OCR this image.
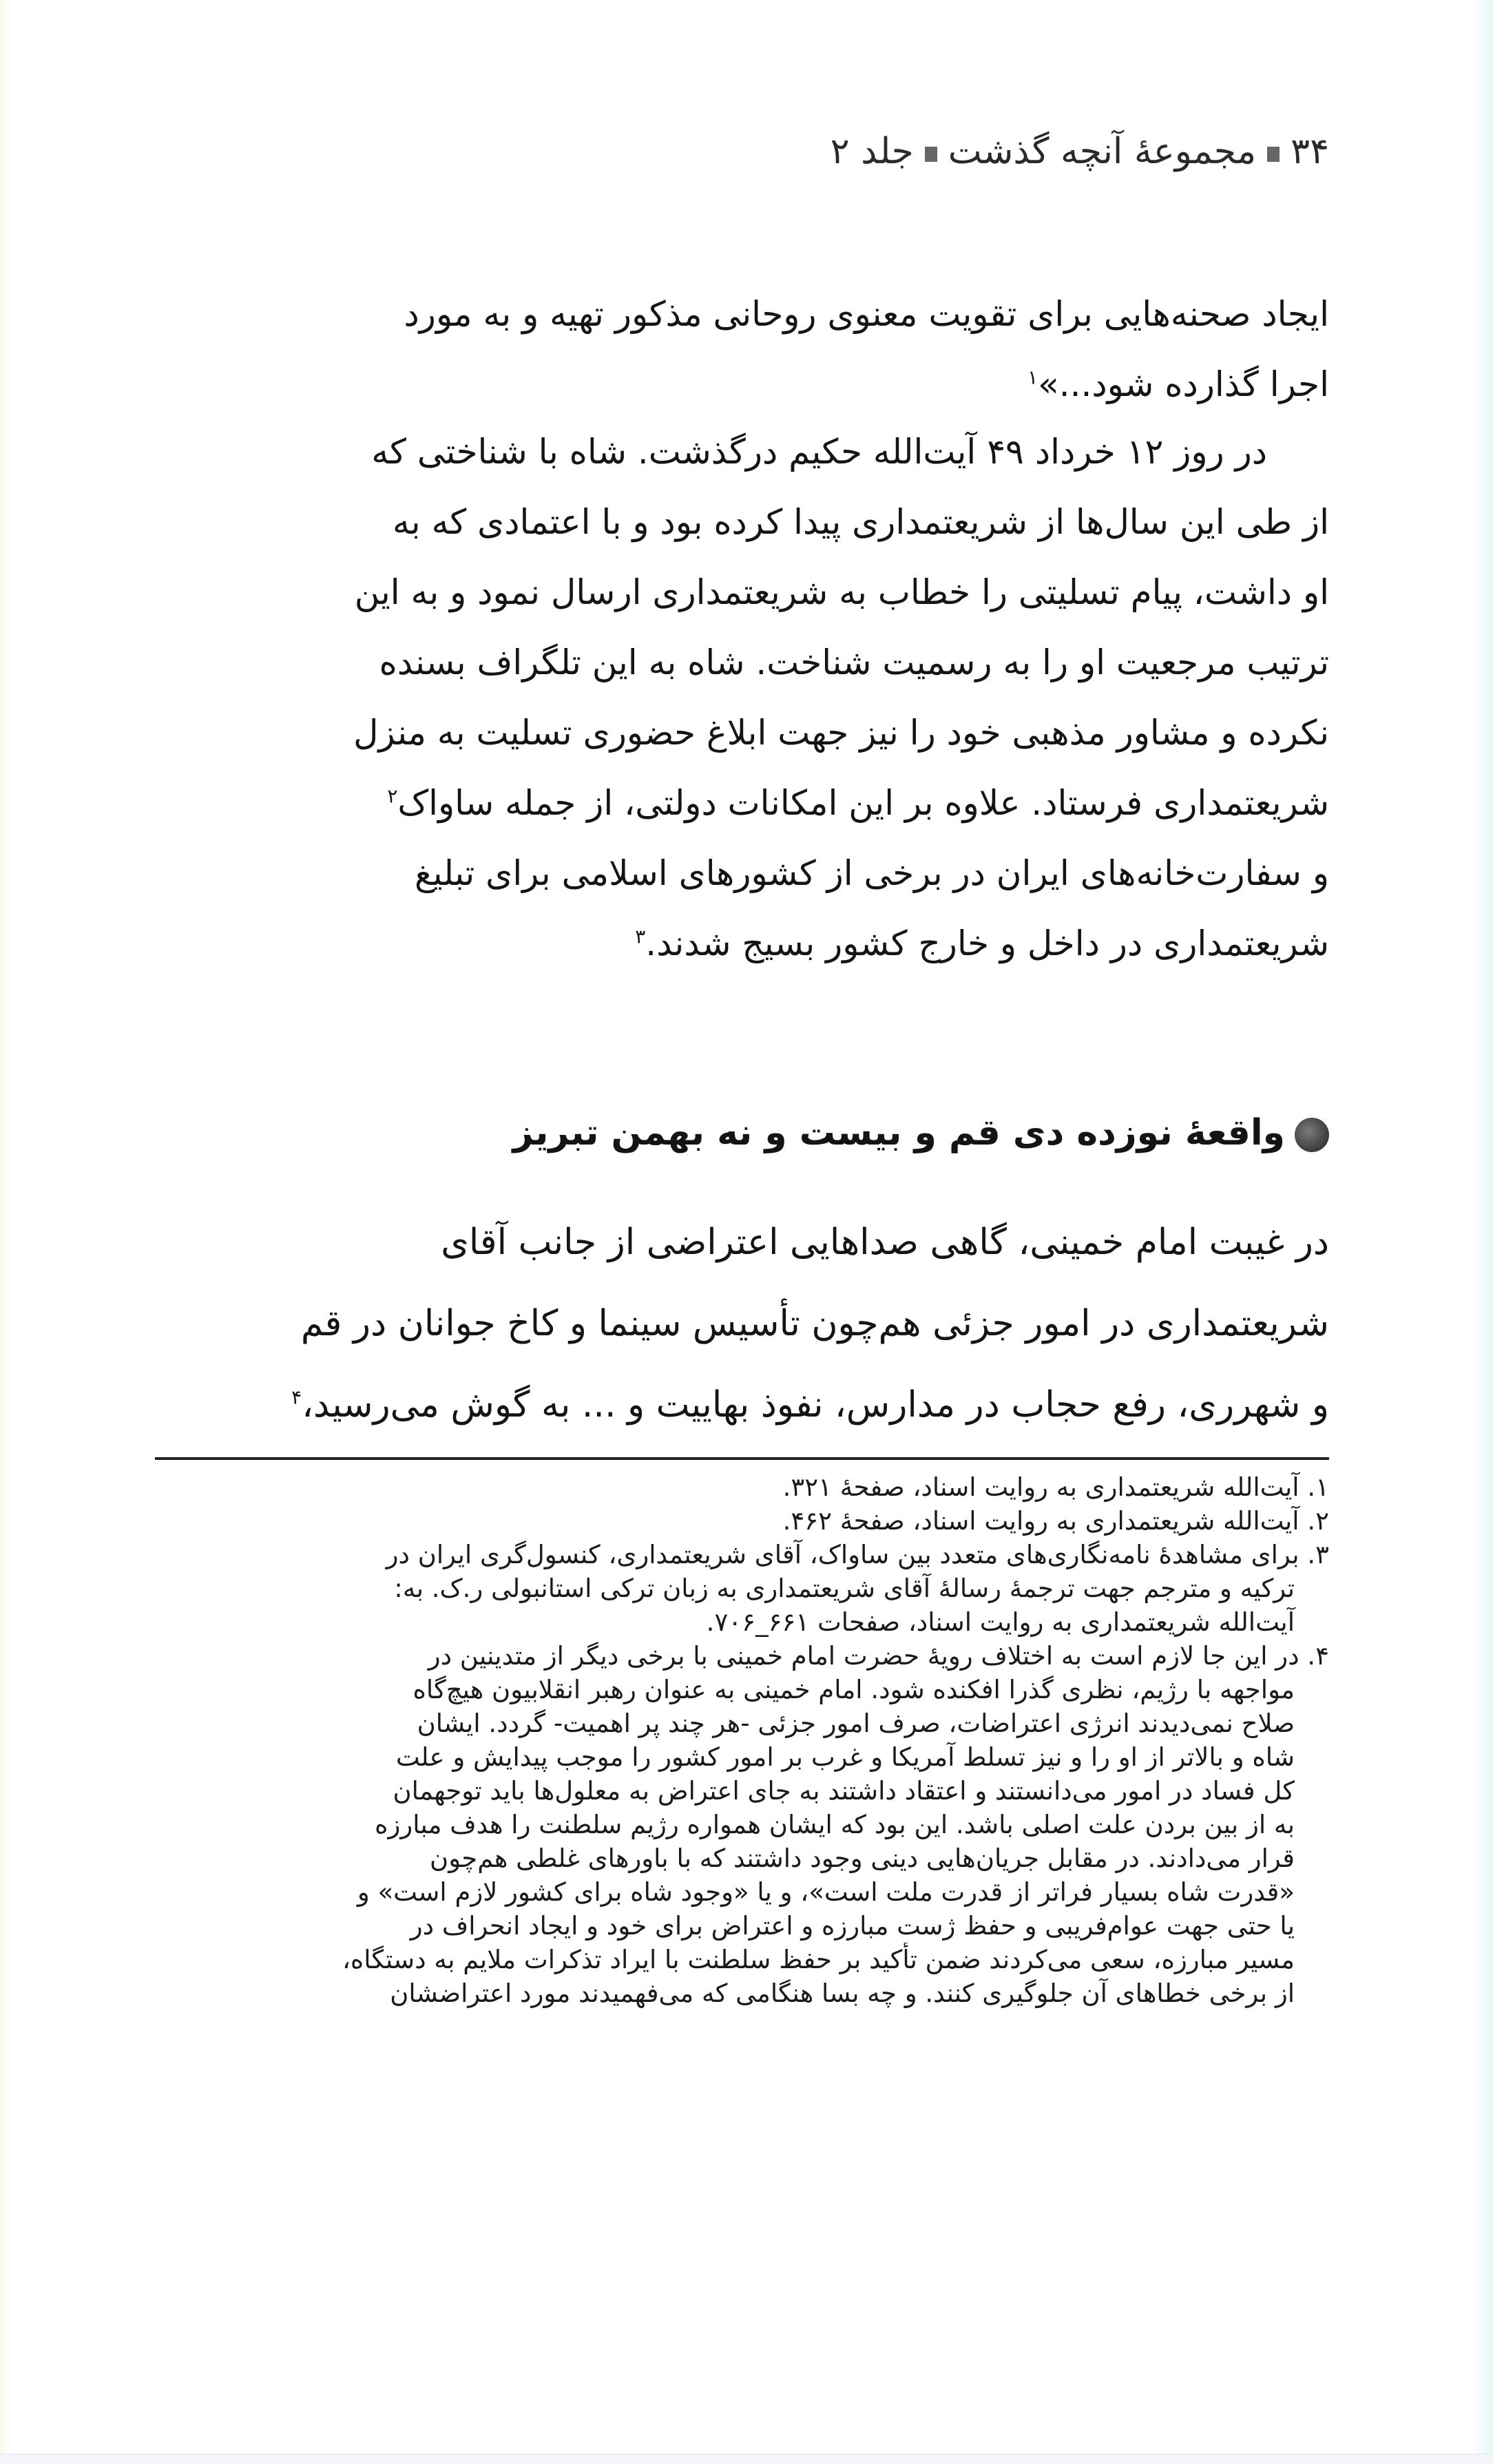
۳۴مجموعهٔ آنچه گذشتجلد ۲
ایجاد صحنه‌هایی برای تقویت معنوی روحانی مذکور تهیه و به مورد
اجرا گذارده شود...»$^۱$
در روز ۱۲ خرداد ۴۹ آیت‌الله حکیم درگذشت. شاه با شناختی که
از طی این سال‌ها از شریعتمداری پیدا کرده بود و با اعتمادی که به
او داشت، پیام تسلیتی را خطاب به شریعتمداری ارسال نمود و به این
ترتیب مرجعیت او را به رسمیت شناخت. شاه به این تلگراف بسنده
نکرده و مشاور مذهبی خود را نیز جهت ابلاغ حضوری تسلیت به منزل
شریعتمداری فرستاد. علاوه بر این امکانات دولتی، از جمله ساواک$^۲$
و سفارت‌خانه‌های ایران در برخی از کشورهای اسلامی برای تبلیغ
شریعتمداری در داخل و خارج کشور بسیج شدند.$^۳$
واقعهٔ نوزده دی قم و بیست و نه بهمن تبریز
در غیبت امام خمینی، گاهی صداهایی اعتراضی از جانب آقای
شریعتمداری در امور جزئی هم‌چون تأسیس سینما و کاخ جوانان در قم
و شهرری، رفع حجاب در مدارس، نفوذ بهاییت و ... به گوش می‌رسید،$^۴$
۱. آیت‌الله شریعتمداری به روایت اسناد، صفحهٔ ۳۲۱.
۲. آیت‌الله شریعتمداری به روایت اسناد، صفحهٔ ۴۶۲.
۳. برای مشاهدهٔ نامه‌نگاری‌های متعدد بین ساواک، آقای شریعتمداری، کنسول‌گری ایران در
ترکیه و مترجم جهت ترجمهٔ رسالهٔ آقای شریعتمداری به زبان ترکی استانبولی ر.ک. به:
آیت‌الله شریعتمداری به روایت اسناد، صفحات ۶۶۱_۷۰۶.
۴. در این جا لازم است به اختلاف رویهٔ حضرت امام خمینی با برخی دیگر از متدینین در
مواجهه با رژیم، نظری گذرا افکنده شود. امام خمینی به عنوان رهبر انقلابیون هیچ‌گاه
صلاح نمی‌دیدند انرژی اعتراضات، صرف امور جزئی -هر چند پر اهمیت- گردد. ایشان
شاه و بالاتر از او را و نیز تسلط آمریکا و غرب بر امور کشور را موجب پیدایش و علت
کل فساد در امور می‌دانستند و اعتقاد داشتند به جای اعتراض به معلول‌ها باید توجهمان
به از بین بردن علت اصلی باشد. این بود که ایشان همواره رژیم سلطنت را هدف مبارزه
قرار می‌دادند. در مقابل جریان‌هایی دینی وجود داشتند که با باورهای غلطی هم‌چون
«قدرت شاه بسیار فراتر از قدرت ملت است»، و یا «وجود شاه برای کشور لازم است» و
یا حتی جهت عوام‌فریبی و حفظ ژست مبارزه و اعتراض برای خود و ایجاد انحراف در
مسیر مبارزه، سعی می‌کردند ضمن تأکید بر حفظ سلطنت با ایراد تذکرات ملایم به دستگاه،
از برخی خطاهای آن جلوگیری کنند. و چه بسا هنگامی که می‌فهمیدند مورد اعتراضشان
